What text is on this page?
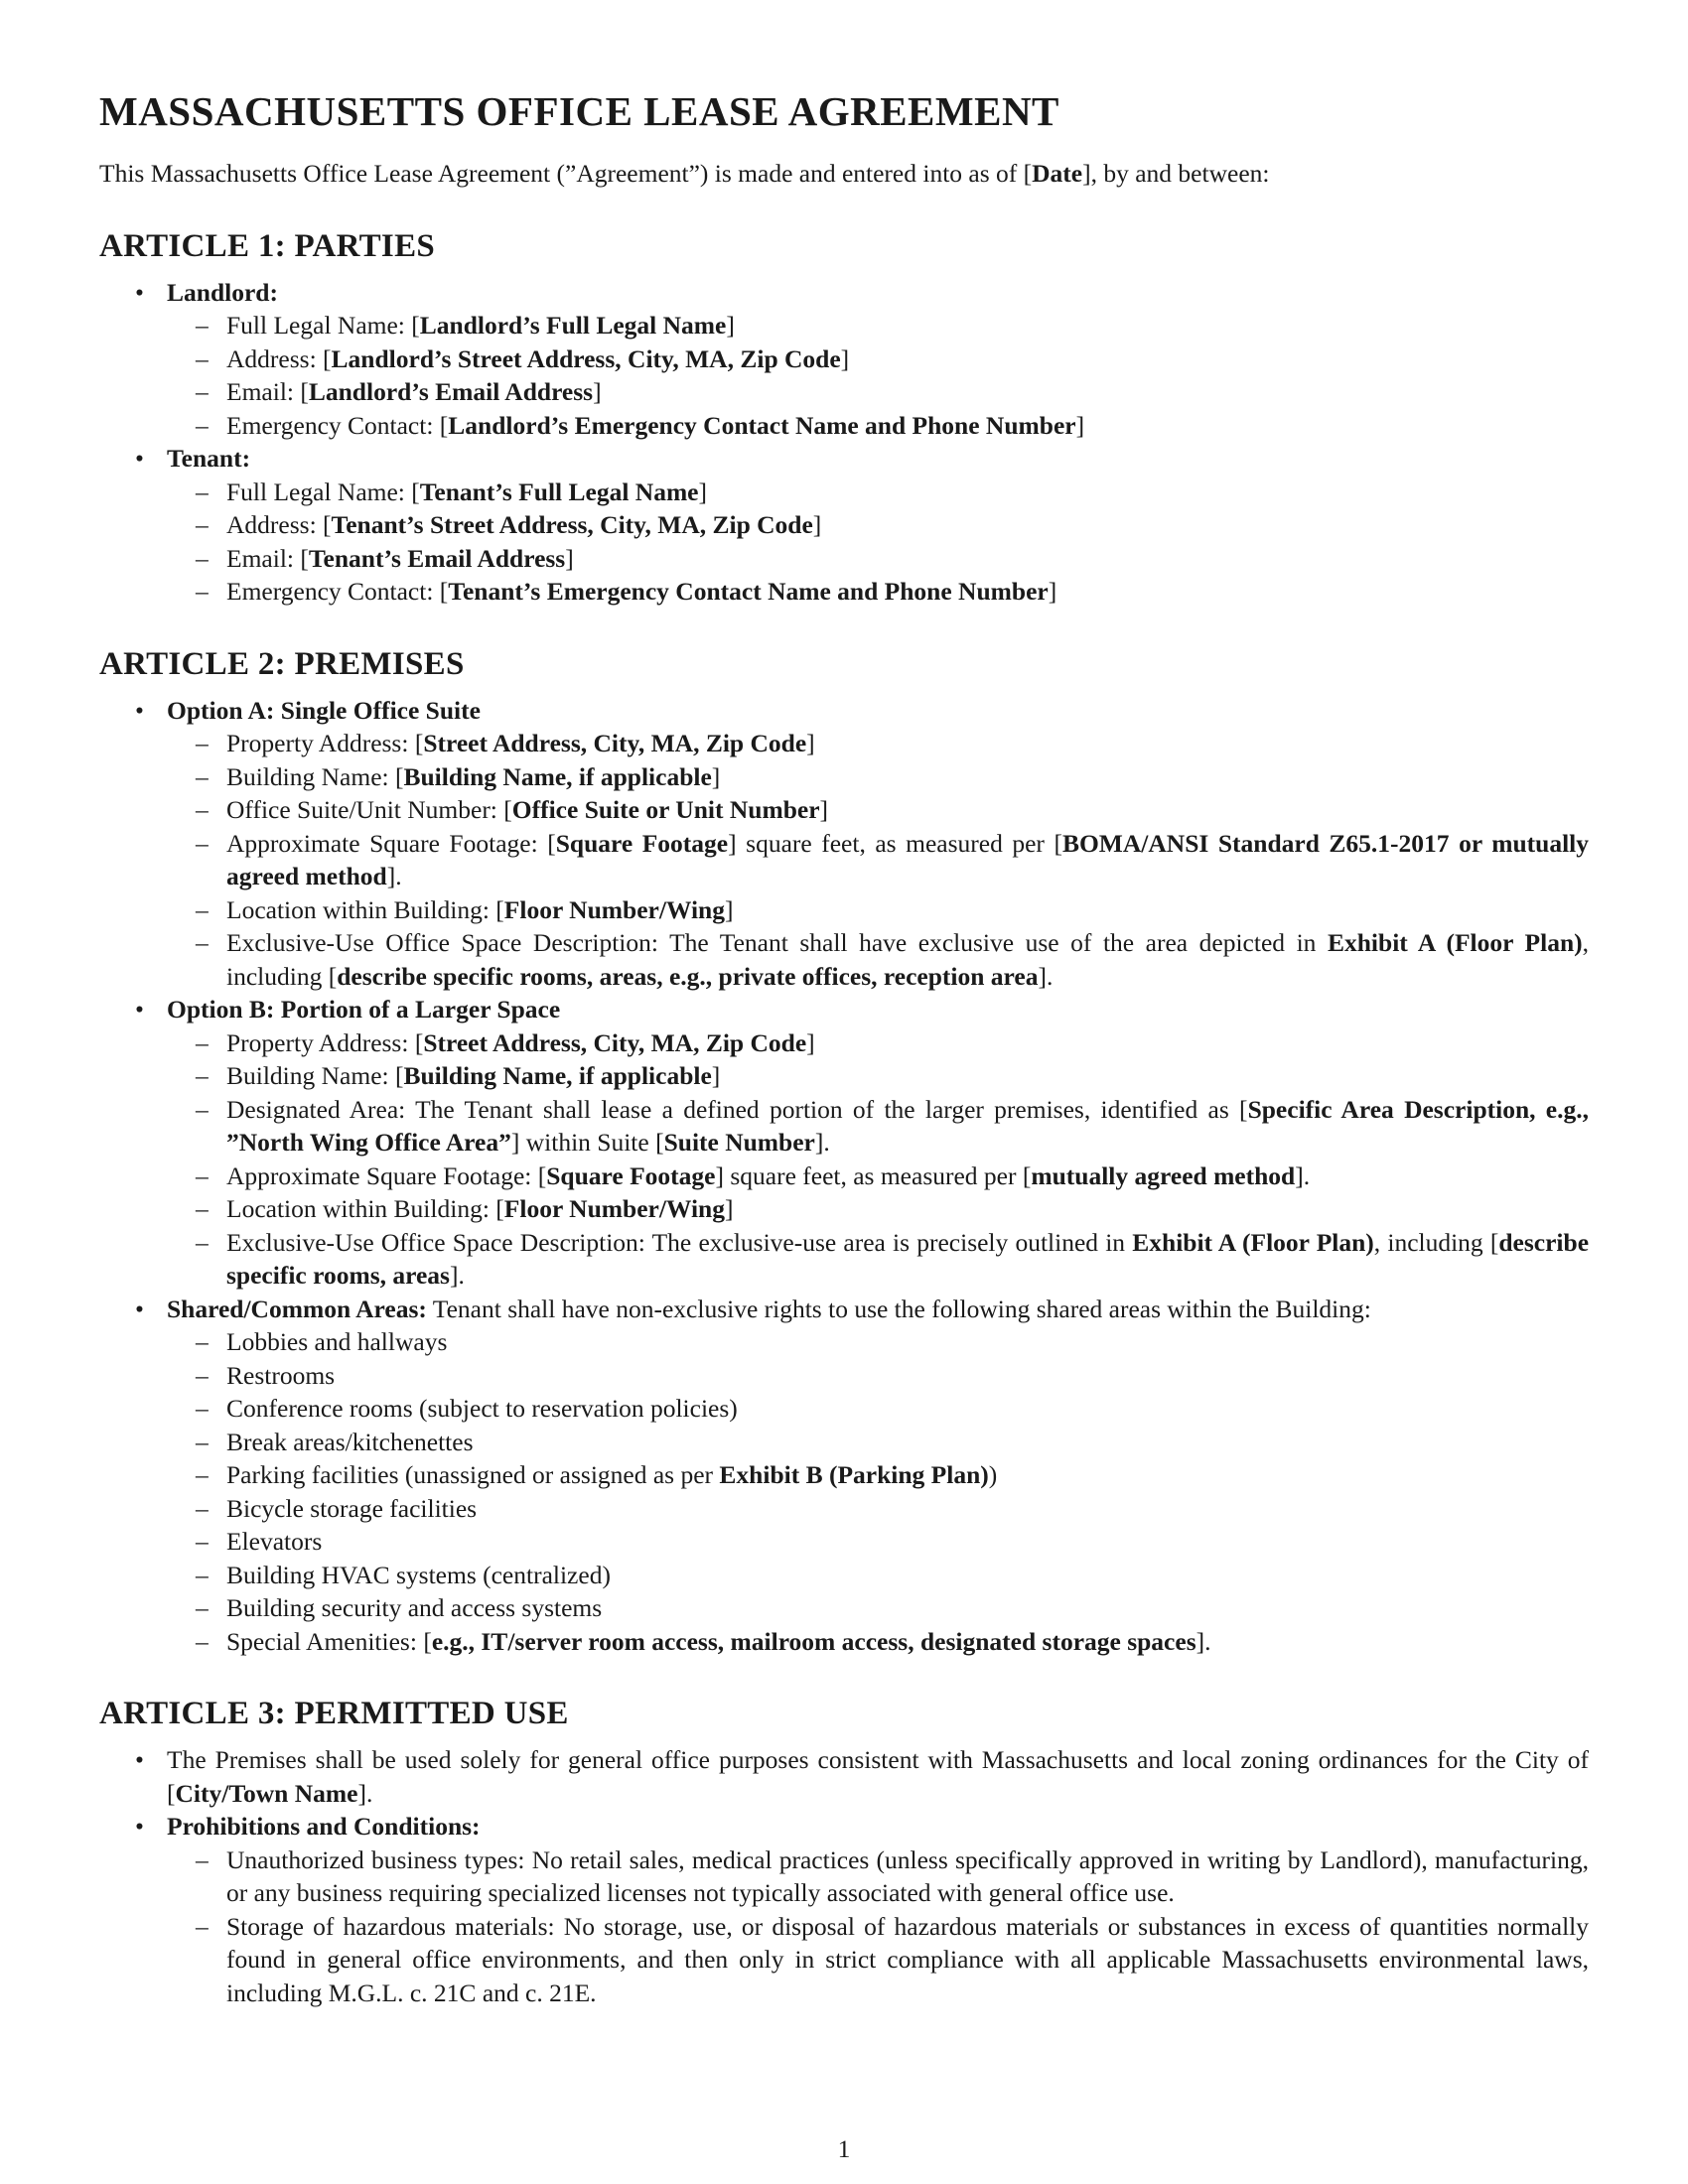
MASSACHUSETTS OFFICE LEASE AGREEMENT

This Massachusetts Office Lease Agreement (”Agreement”) is made and entered into as of [Date], by and between:

ARTICLE 1: PARTIES
• Landlord:
– Full Legal Name: [Landlord’s Full Legal Name]
– Address: [Landlord’s Street Address, City, MA, Zip Code]
– Email: [Landlord’s Email Address]
– Emergency Contact: [Landlord’s Emergency Contact Name and Phone Number]
• Tenant:
– Full Legal Name: [Tenant’s Full Legal Name]
– Address: [Tenant’s Street Address, City, MA, Zip Code]
– Email: [Tenant’s Email Address]
– Emergency Contact: [Tenant’s Emergency Contact Name and Phone Number]
ARTICLE 2: PREMISES
• Option A: Single Office Suite
– Property Address: [Street Address, City, MA, Zip Code]
– Building Name: [Building Name, if applicable]
– Office Suite/Unit Number: [Office Suite or Unit Number]
– Approximate Square Footage: [Square Footage] square feet, as measured per [BOMA/ANSI Standard Z65.1-2017 or mutually agreed method].
– Location within Building: [Floor Number/Wing]
– Exclusive-Use Office Space Description: The Tenant shall have exclusive use of the area depicted in Exhibit A (Floor Plan), including [describe specific rooms, areas, e.g., private offices, reception area].
• Option B: Portion of a Larger Space
– Property Address: [Street Address, City, MA, Zip Code]
– Building Name: [Building Name, if applicable]
– Designated Area: The Tenant shall lease a defined portion of the larger premises, identified as [Specific Area Description, e.g., ”North Wing Office Area”] within Suite [Suite Number].
– Approximate Square Footage: [Square Footage] square feet, as measured per [mutually agreed method].
– Location within Building: [Floor Number/Wing]
– Exclusive-Use Office Space Description: The exclusive-use area is precisely outlined in Exhibit A (Floor Plan), including [describe specific rooms, areas].
• Shared/Common Areas: Tenant shall have non-exclusive rights to use the following shared areas within the Building:
– Lobbies and hallways
– Restrooms
– Conference rooms (subject to reservation policies)
– Break areas/kitchenettes
– Parking facilities (unassigned or assigned as per Exhibit B (Parking Plan))
– Bicycle storage facilities
– Elevators
– Building HVAC systems (centralized)
– Building security and access systems
– Special Amenities: [e.g., IT/server room access, mailroom access, designated storage spaces].
ARTICLE 3: PERMITTED USE
• The Premises shall be used solely for general office purposes consistent with Massachusetts and local zoning ordinances for the City of [City/Town Name].
• Prohibitions and Conditions:
– Unauthorized business types: No retail sales, medical practices (unless specifically approved in writing by Landlord), manufacturing, or any business requiring specialized licenses not typically associated with general office use.
– Storage of hazardous materials: No storage, use, or disposal of hazardous materials or substances in excess of quantities normally found in general office environments, and then only in strict compliance with all applicable Massachusetts environmental laws, including M.G.L. c. 21C and c. 21E.
1
